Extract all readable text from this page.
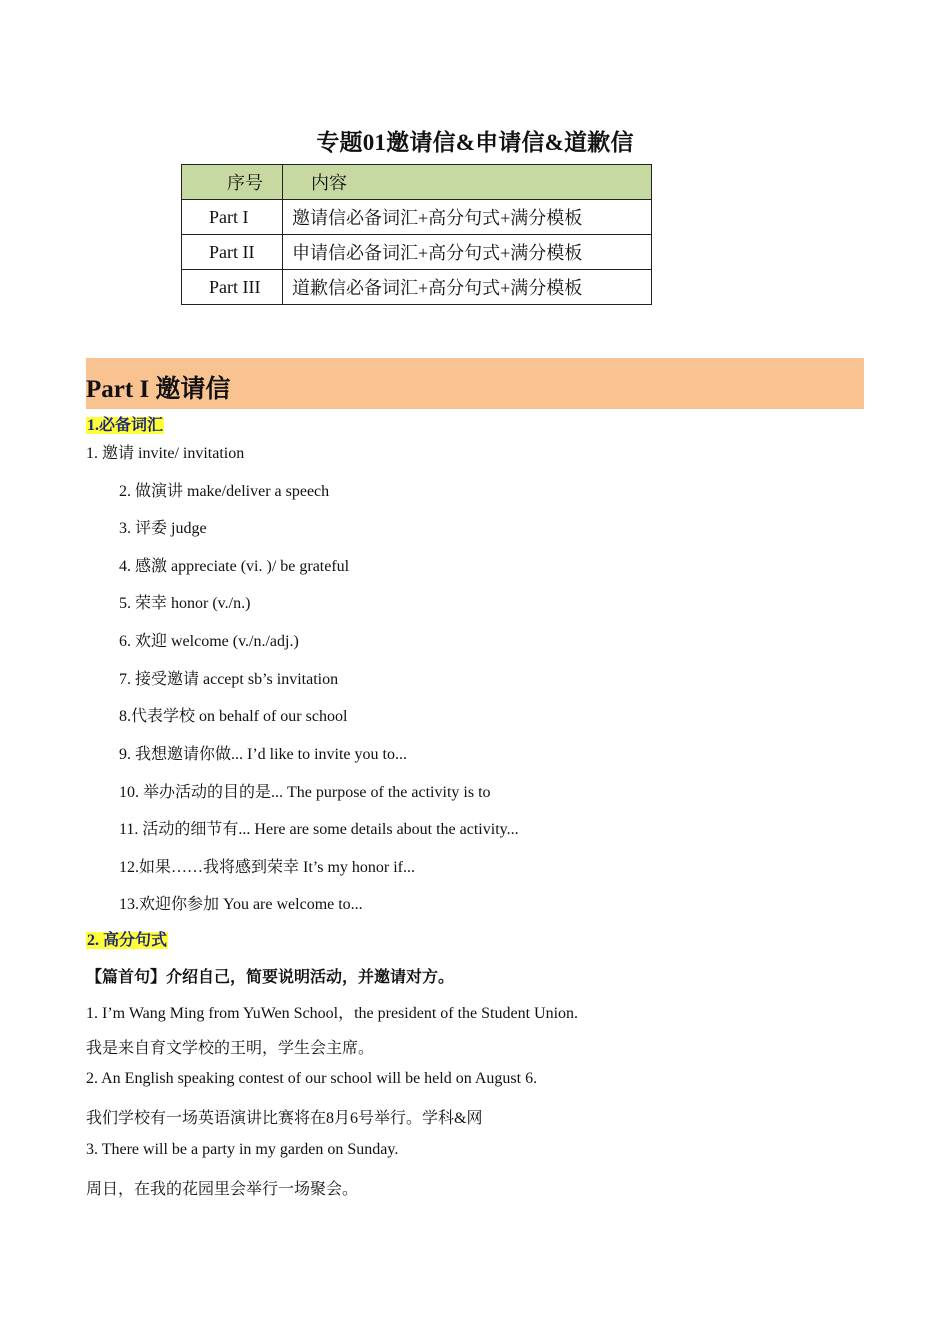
专题01邀请信&申请信&道歉信
序号	内容
Part I	邀请信必备词汇+高分句式+满分模板
Part II	申请信必备词汇+高分句式+满分模板
Part III	道歉信必备词汇+高分句式+满分模板
Part I 邀请信
1.必备词汇
1. 邀请 invite/ invitation
2. 做演讲 make/deliver a speech
3. 评委 judge
4. 感激 appreciate (vi. )/ be grateful
5. 荣幸 honor (v./n.)
6. 欢迎 welcome (v./n./adj.)
7. 接受邀请 accept sb’s invitation
8.代表学校 on behalf of our school
9. 我想邀请你做... I’d like to invite you to...
10. 举办活动的目的是... The purpose of the activity is to
11. 活动的细节有... Here are some details about the activity...
12.如果……我将感到荣幸 It’s my honor if...
13.欢迎你参加 You are welcome to...
2. 高分句式
【篇首句】介绍自己，简要说明活动，并邀请对方。
1. I’m Wang Ming from YuWen School，the president of the Student Union.
我是来自育文学校的王明，学生会主席。
2. An English speaking contest of our school will be held on August 6.
我们学校有一场英语演讲比赛将在8月6号举行。学科&网
3. There will be a party in my garden on Sunday.
周日，在我的花园里会举行一场聚会。
